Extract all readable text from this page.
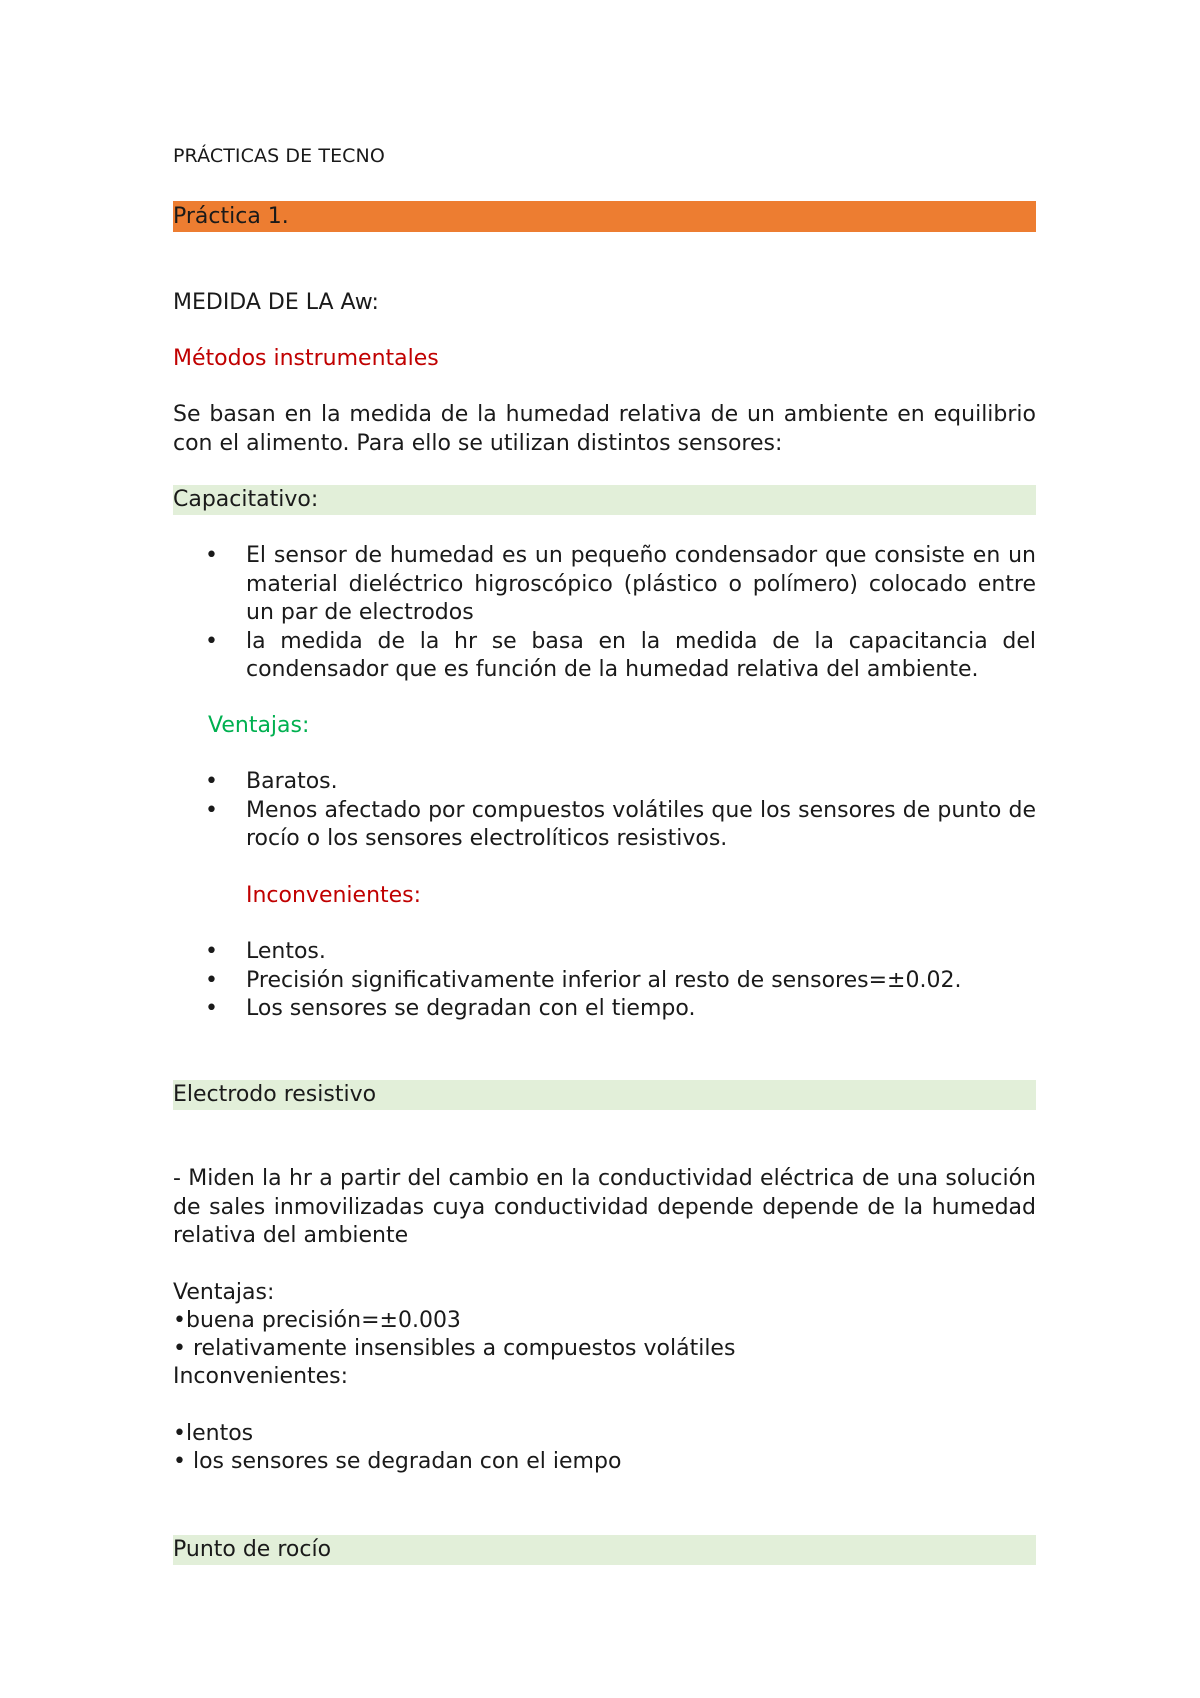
PRÁCTICAS DE TECNO
Práctica 1.
MEDIDA DE LA Aw:
Métodos instrumentales
Se basan en la medida de la humedad relativa de un ambiente en equilibrio con el alimento. Para ello se utilizan distintos sensores:
Capacitativo:
• El sensor de humedad es un pequeño condensador que consiste en un material dieléctrico higroscópico (plástico o polímero) colocado entre un par de electrodos
• la medida de la hr se basa en la medida de la capacitancia del condensador que es función de la humedad relativa del ambiente.
Ventajas:
• Baratos.
• Menos afectado por compuestos volátiles que los sensores de punto de rocío o los sensores electrolíticos resistivos.
Inconvenientes:
• Lentos.
• Precisión significativamente inferior al resto de sensores=±0.02.
• Los sensores se degradan con el tiempo.
Electrodo resistivo
- Miden la hr a partir del cambio en la conductividad eléctrica de una solución de sales inmovilizadas cuya conductividad depende depende de la humedad relativa del ambiente
Ventajas:
•buena precisión=±0.003
• relativamente insensibles a compuestos volátiles
Inconvenientes:
•lentos
• los sensores se degradan con el iempo
Punto de rocío
